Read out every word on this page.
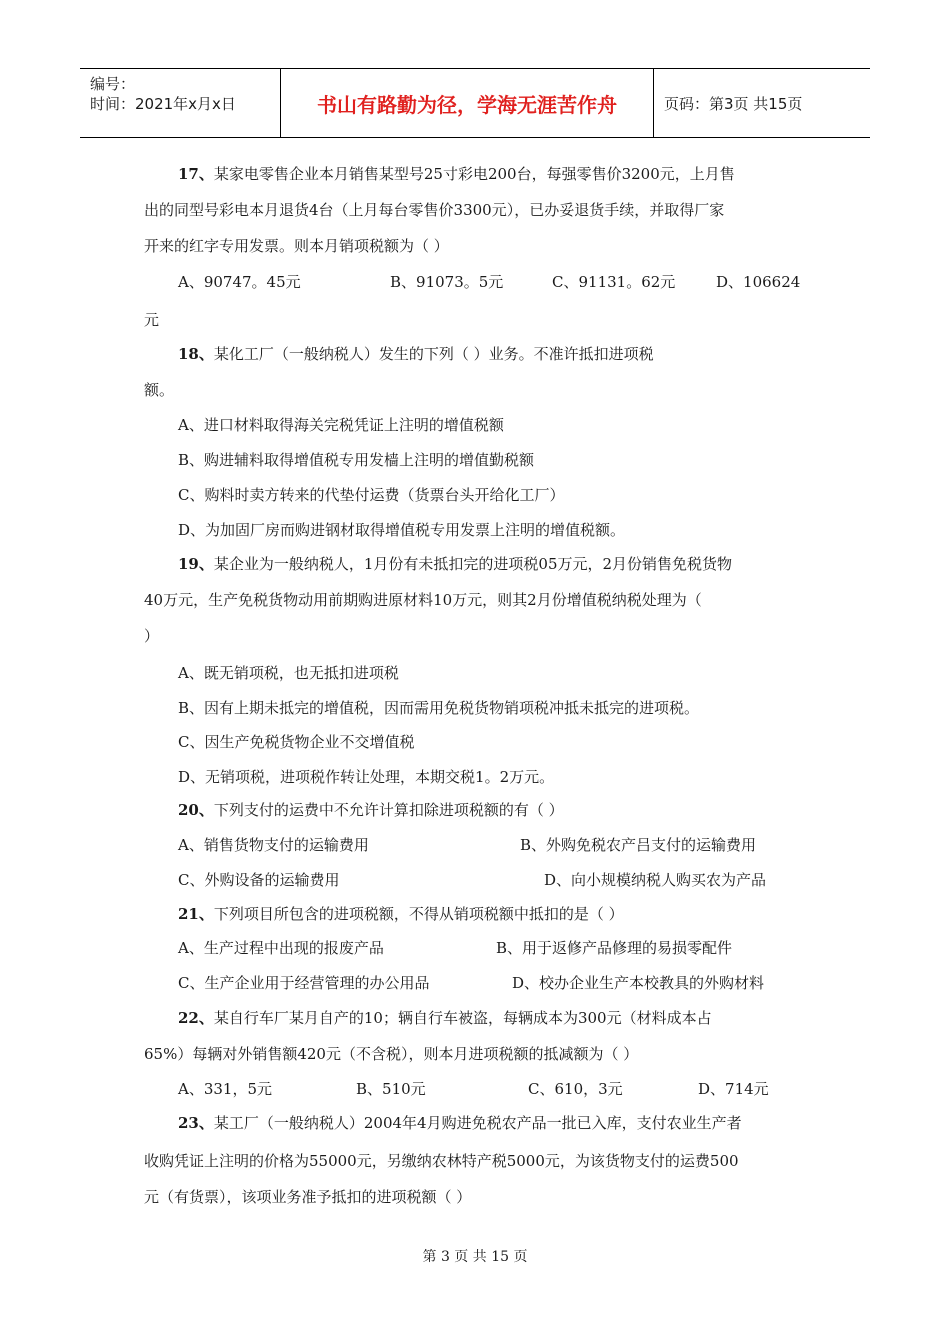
编号：
时间：2021年x月x日	书山有路勤为径，学海无涯苦作舟	页码：第3页 共15页
17、某家电零售企业本月销售某型号25寸彩电200台，每强零售价3200元，上月售
出的同型号彩电本月退货4台（上月每台零售价3300元），已办妥退货手续，并取得厂家
开来的红字专用发票。则本月销项税额为（ ）
A、90747。45元	B、91073。5元	C、91131。62元	D、106624
元
18、某化工厂（一般纳税人）发生的下列（ ）业务。不准许抵扣进项税
额。
A、进口材料取得海关完税凭证上注明的增值税额
B、购进辅料取得增值税专用发樯上注明的增值勤税额
C、购料时卖方转来的代垫付运费（货票台头开给化工厂）
D、为加固厂房而购进钢材取得增值税专用发票上注明的增值税额。
19、某企业为一般纳税人，1月份有未抵扣完的进项税05万元，2月份销售免税货物
40万元，生产免税货物动用前期购进原材料10万元，则其2月份增值税纳税处理为（
）
A、既无销项税，也无抵扣进项税
B、因有上期未抵完的增值税，因而需用免税货物销项税冲抵未抵完的进项税。
C、因生产免税货物企业不交增值税
D、无销项税，进项税作转让处理，本期交税1。2万元。
20、下列支付的运费中不允许计算扣除进项税额的有（ ）
A、销售货物支付的运输费用	B、外购免税农产吕支付的运输费用
C、外购设备的运输费用	D、向小规模纳税人购买农为产品
21、下列项目所包含的进项税额，不得从销项税额中抵扣的是（ ）
A、生产过程中出现的报废产品	B、用于返修产品修理的易损零配件
C、生产企业用于经营管理的办公用品	D、校办企业生产本校教具的外购材料
22、某自行车厂某月自产的10；辆自行车被盗，每辆成本为300元（材料成本占
65%）每辆对外销售额420元（不含税），则本月进项税额的抵减额为（ ）
A、331，5元	B、510元	C、610，3元	D、714元
23、某工厂（一般纳税人）2004年4月购进免税农产品一批已入库，支付农业生产者
收购凭证上注明的价格为55000元，另缴纳农林特产税5000元，为该货物支付的运费500
元（有货票），该项业务准予抵扣的进项税额（ ）
第 3 页 共 15 页
